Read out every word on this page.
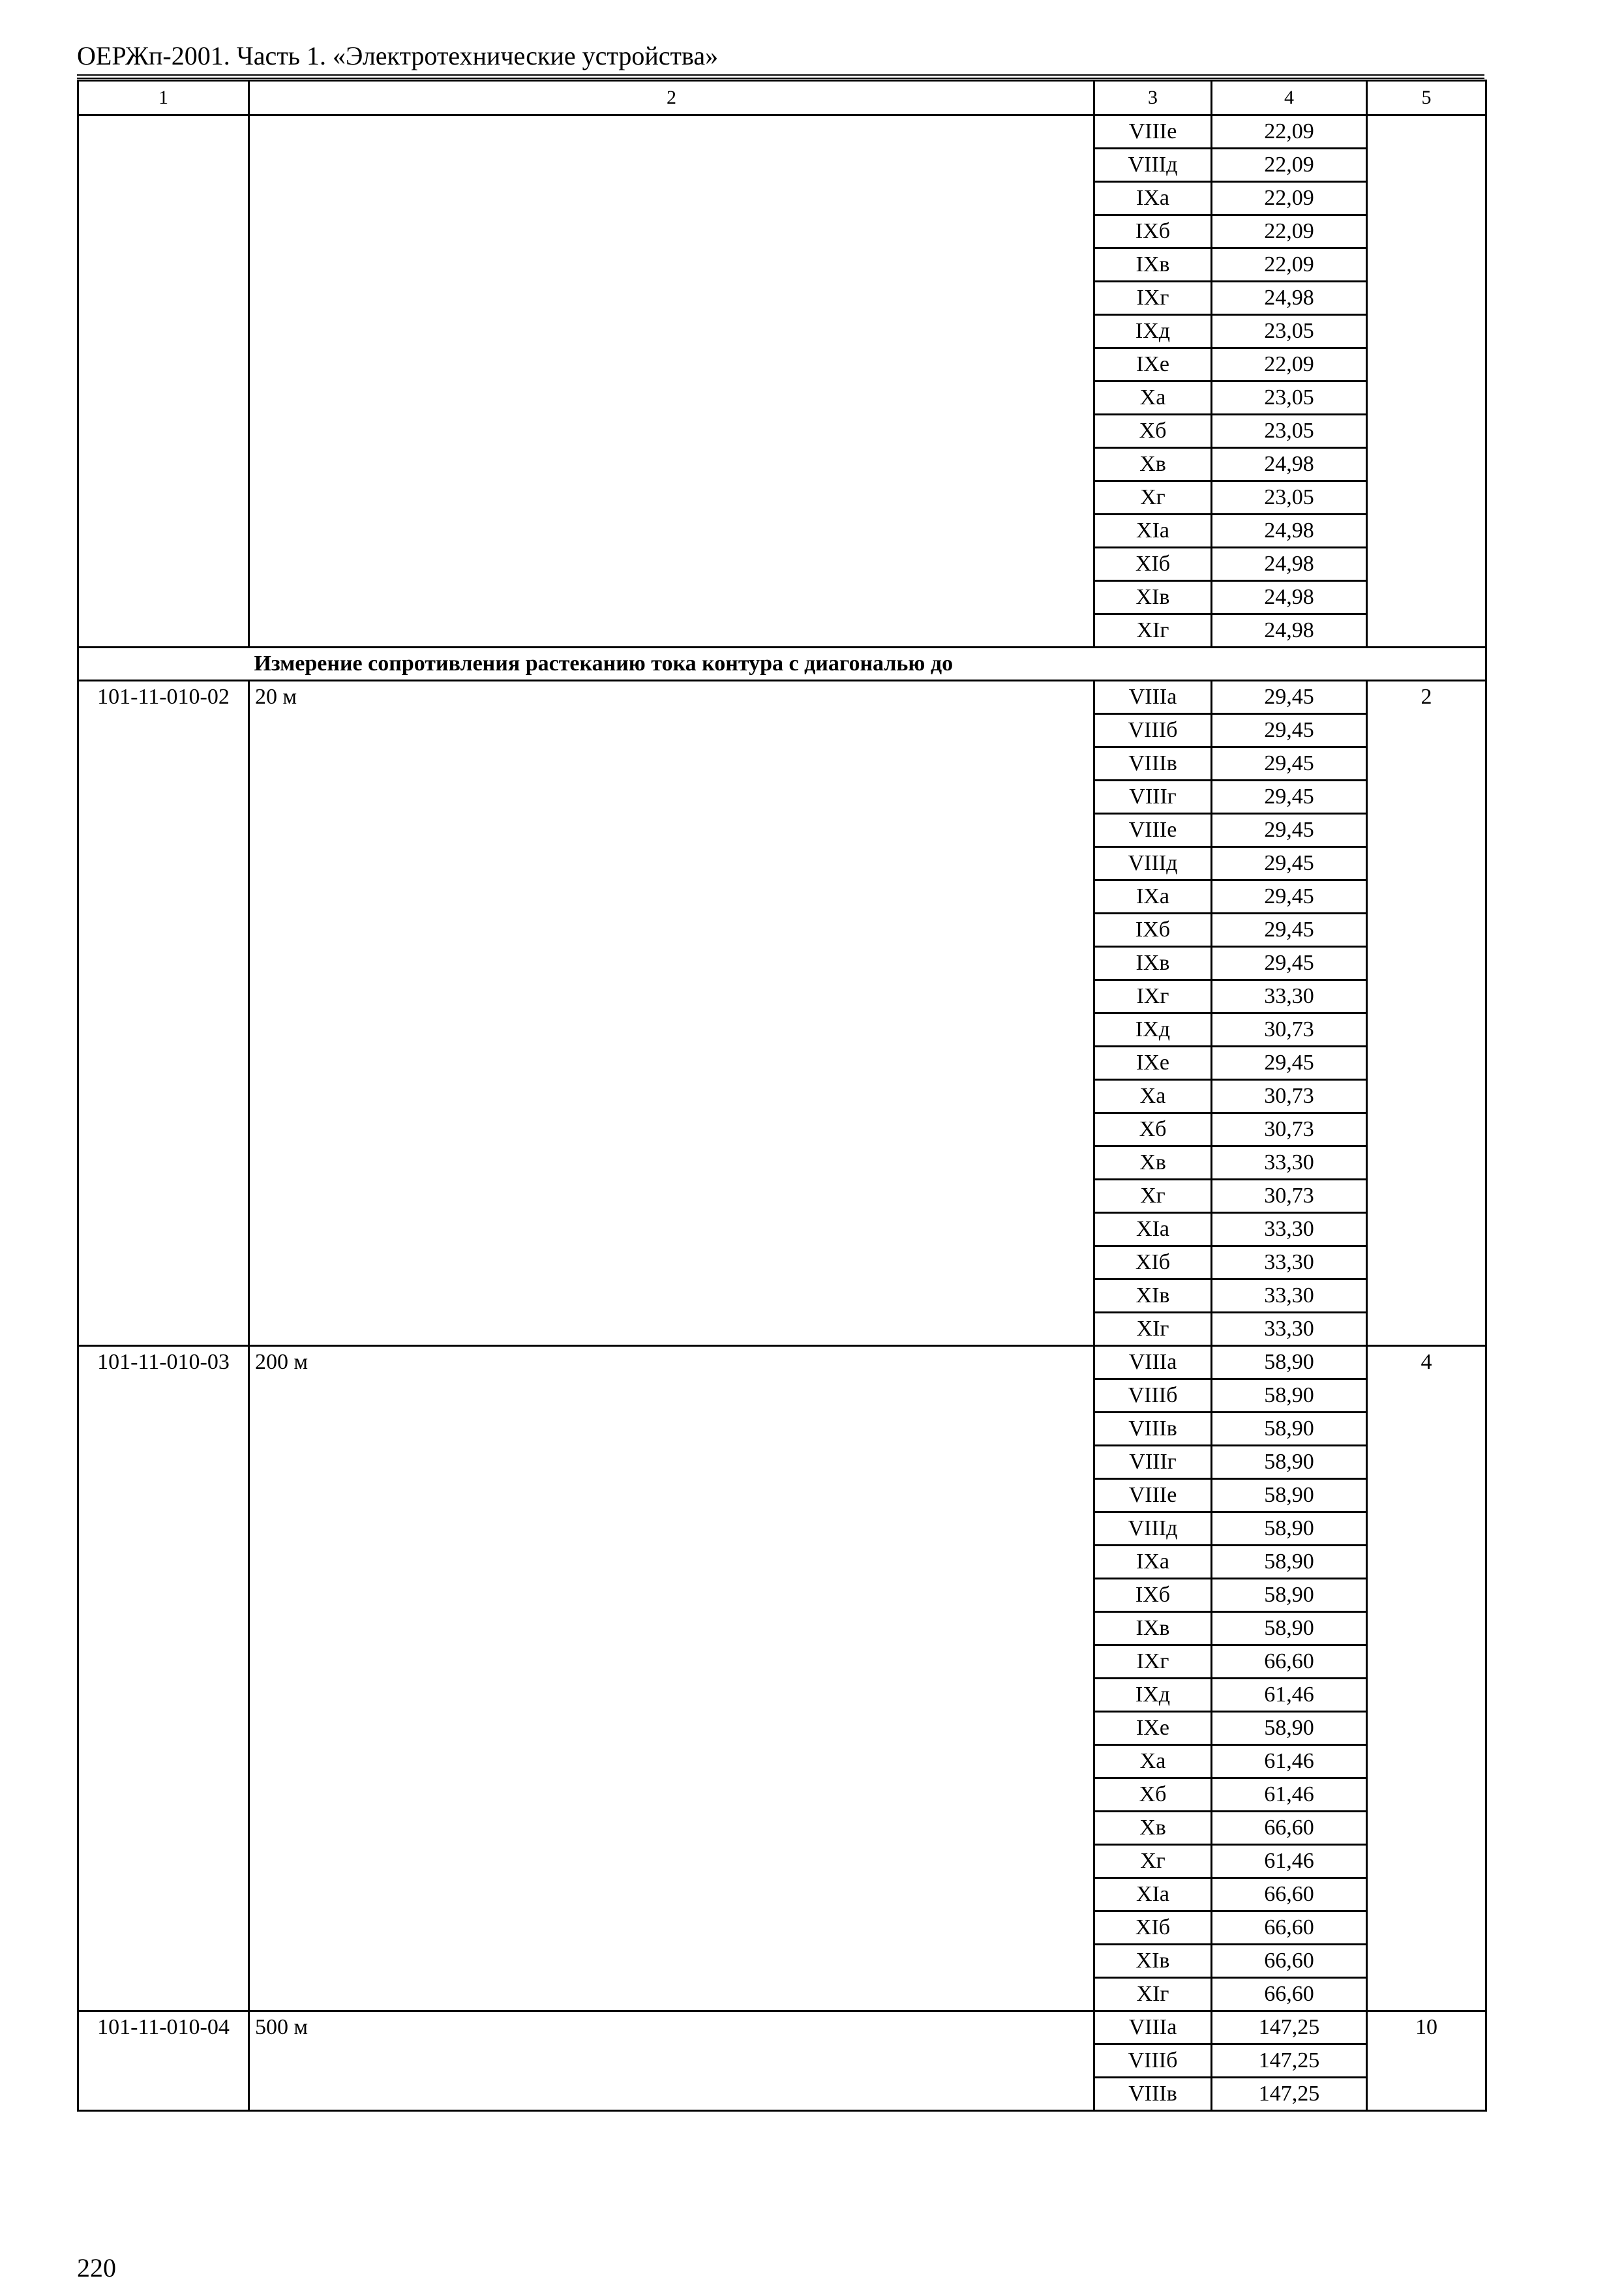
ОЕРЖп-2001. Часть 1. «Электротехнические устройства»
1	2	3	4	5
		VIIIе	22,09	
		VIIIд	22,09	
		IXа	22,09	
		IXб	22,09	
		IXв	22,09	
		IXг	24,98	
		IXд	23,05	
		IXе	22,09	
		Xа	23,05	
		Xб	23,05	
		Xв	24,98	
		Xг	23,05	
		XIа	24,98	
		XIб	24,98	
		XIв	24,98	
		XIг	24,98	
	Измерение сопротивления растеканию тока контура с диагональю до			
101-11-010-02	20 м	VIIIа	29,45	2
		VIIIб	29,45	
		VIIIв	29,45	
		VIIIг	29,45	
		VIIIе	29,45	
		VIIIд	29,45	
		IXа	29,45	
		IXб	29,45	
		IXв	29,45	
		IXг	33,30	
		IXд	30,73	
		IXе	29,45	
		Xа	30,73	
		Xб	30,73	
		Xв	33,30	
		Xг	30,73	
		XIа	33,30	
		XIб	33,30	
		XIв	33,30	
		XIг	33,30	
101-11-010-03	200 м	VIIIа	58,90	4
		VIIIб	58,90	
		VIIIв	58,90	
		VIIIг	58,90	
		VIIIе	58,90	
		VIIIд	58,90	
		IXа	58,90	
		IXб	58,90	
		IXв	58,90	
		IXг	66,60	
		IXд	61,46	
		IXе	58,90	
		Xа	61,46	
		Xб	61,46	
		Xв	66,60	
		Xг	61,46	
		XIа	66,60	
		XIб	66,60	
		XIв	66,60	
		XIг	66,60	
101-11-010-04	500 м	VIIIа	147,25	10
		VIIIб	147,25	
		VIIIв	147,25	
220
